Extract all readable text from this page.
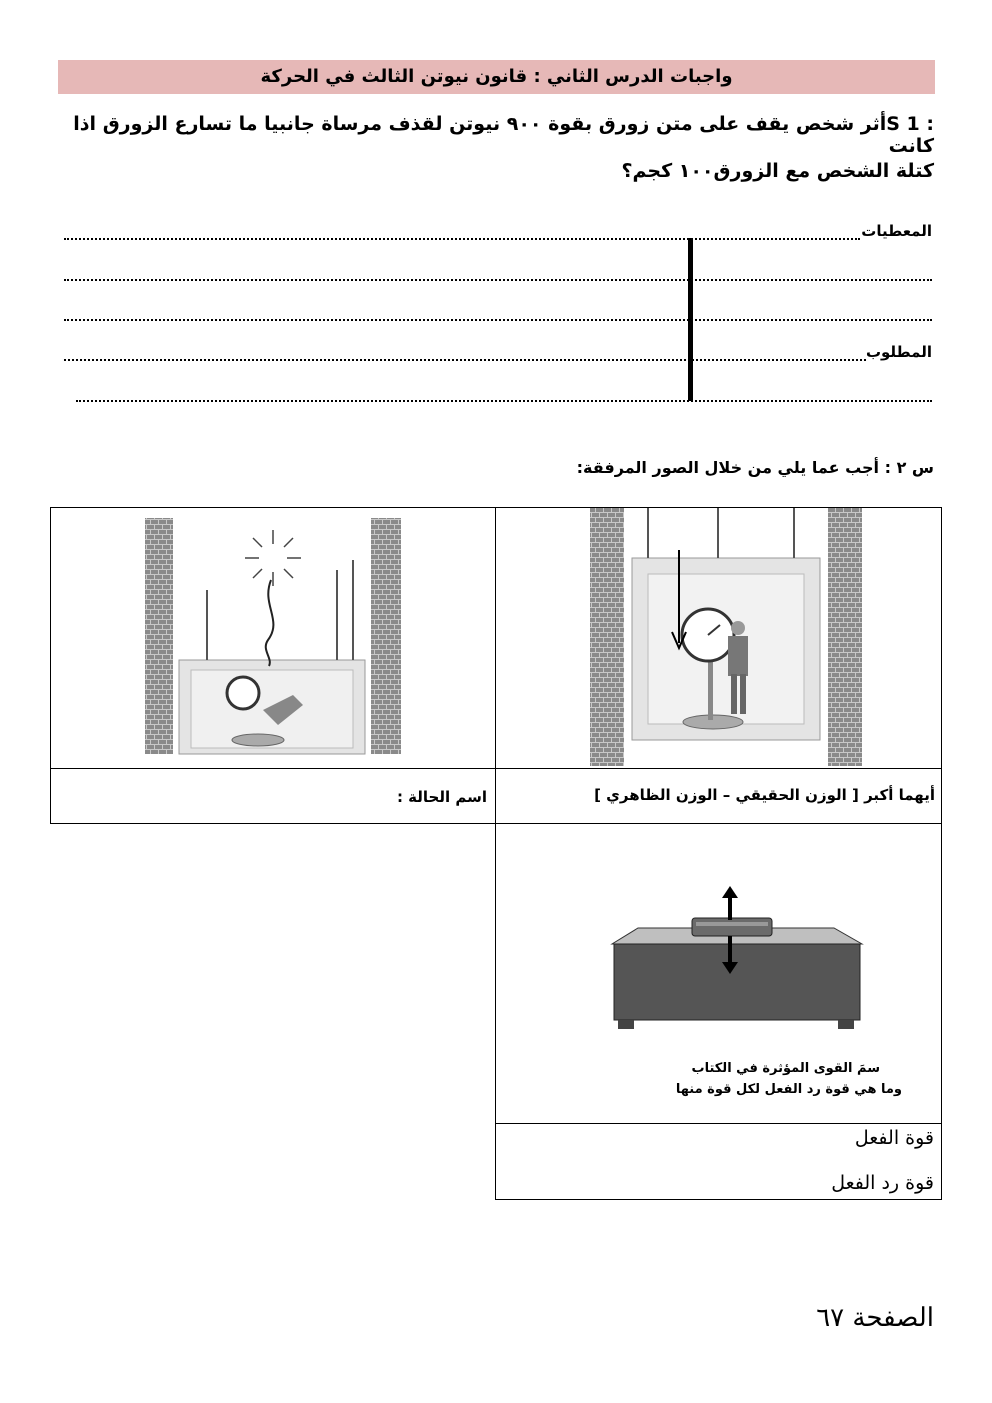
واجبات الدرس الثاني : قانون نيوتن الثالث في الحركة
: 1 Sأثر شخص يقف على متن زورق بقوة ٩٠٠ نيوتن لقذف مرساة جانبيا ما تسارع الزورق اذا كانت
كتلة الشخص مع الزورق١٠٠ كجم؟
المعطيات
المطلوب
س ٢ : أجب عما يلي من خلال الصور المرفقة:
أيهما أكبر [ الوزن الحقيقي – الوزن الظاهري ]
اسم الحالة :
سمَ القوى المؤثرة في الكتاب
وما هي قوة رد الفعل لكل قوة منها
قوة الفعل
قوة رد الفعل
الصفحة ٦٧
